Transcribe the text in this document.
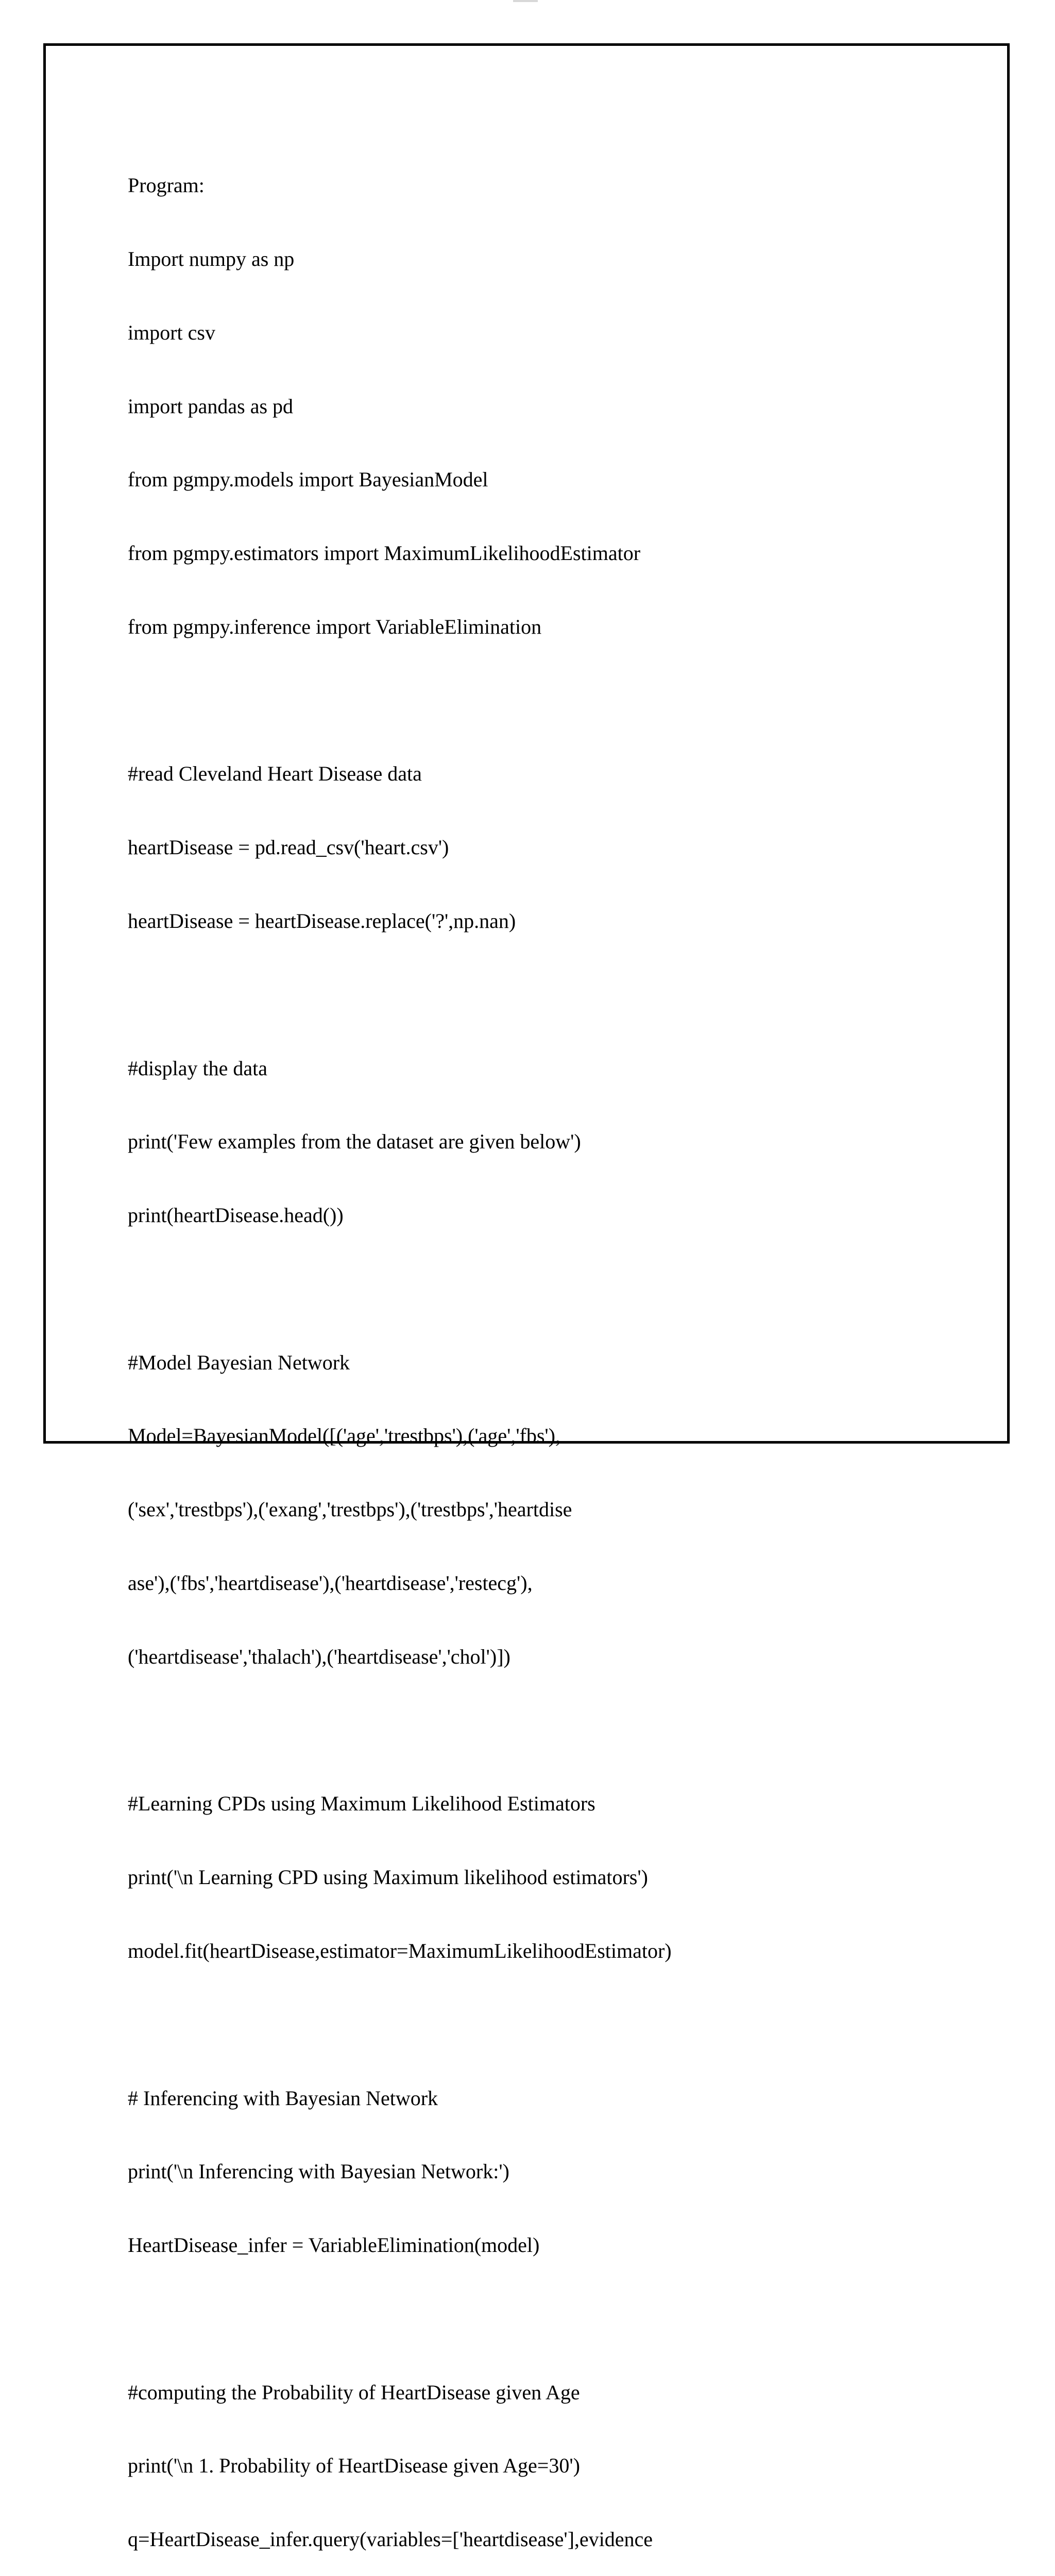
Program:

Import numpy as np

import csv

import pandas as pd

from pgmpy.models import BayesianModel

from pgmpy.estimators import MaximumLikelihoodEstimator

from pgmpy.inference import VariableElimination

#read Cleveland Heart Disease data

heartDisease = pd.read_csv('heart.csv')

heartDisease = heartDisease.replace('?',np.nan)

#display the data

print('Few examples from the dataset are given below')

print(heartDisease.head())

#Model Bayesian Network

Model=BayesianModel([('age','trestbps'),('age','fbs'),

('sex','trestbps'),('exang','trestbps'),('trestbps','heartdise

ase'),('fbs','heartdisease'),('heartdisease','restecg'),

('heartdisease','thalach'),('heartdisease','chol')])

#Learning CPDs using Maximum Likelihood Estimators

print('\n Learning CPD using Maximum likelihood estimators')

model.fit(heartDisease,estimator=MaximumLikelihoodEstimator)

# Inferencing with Bayesian Network

print('\n Inferencing with Bayesian Network:')

HeartDisease_infer = VariableElimination(model)

#computing the Probability of HeartDisease given Age

print('\n 1. Probability of HeartDisease given Age=30')

q=HeartDisease_infer.query(variables=['heartdisease'],evidence
